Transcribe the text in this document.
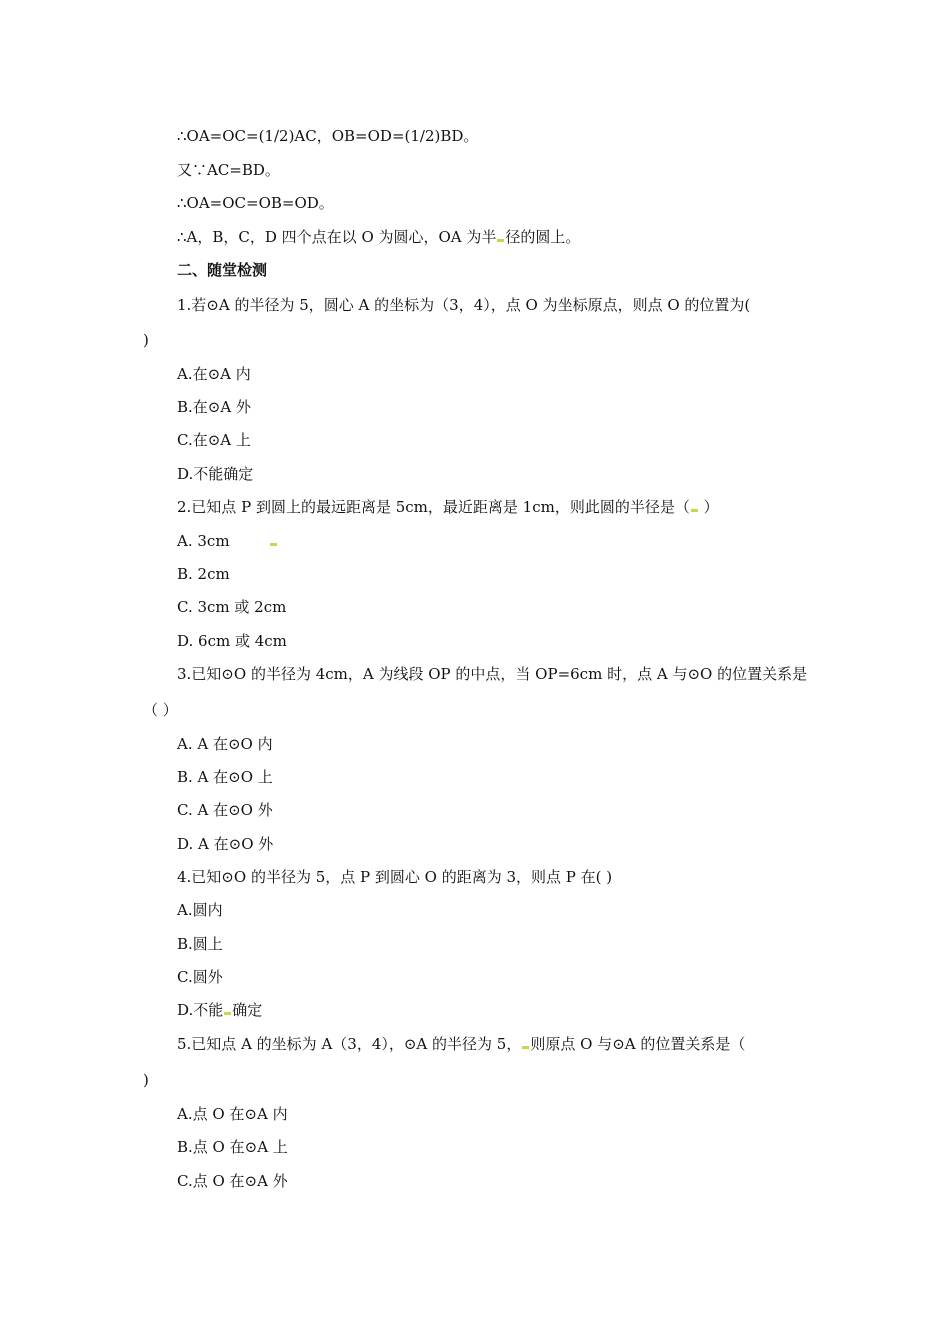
∴OA=OC=(1/2)AC，OB=OD=(1/2)BD。
又∵AC=BD。
∴OA=OC=OB=OD。
∴A，B，C，D 四个点在以 O 为圆心，OA 为半 径的圆上。
二、随堂检测
1.若⊙A 的半径为 5，圆心 A 的坐标为（3，4），点 O 为坐标原点，则点 O 的位置为(
)
A.在⊙A 内
B.在⊙A 外
C.在⊙A 上
D.不能确定
2.已知点 P 到圆上的最远距离是 5cm，最近距离是 1cm，则此圆的半径是（ ）
A. 3cm
B. 2cm
C. 3cm 或 2cm
D. 6cm 或 4cm
3.已知⊙O 的半径为 4cm，A 为线段 OP 的中点，当 OP=6cm 时，点 A 与⊙O 的位置关系是
（ ）
A. A 在⊙O 内
B. A 在⊙O 上
C. A 在⊙O 外
D. A 在⊙O 外
4.已知⊙O 的半径为 5，点 P 到圆心 O 的距离为 3，则点 P 在( )
A.圆内
B.圆上
C.圆外
D.不能 确定
5.已知点 A 的坐标为 A（3，4），⊙A 的半径为 5， 则原点 O 与⊙A 的位置关系是（
)
A.点 O 在⊙A 内
B.点 O 在⊙A 上
C.点 O 在⊙A 外
